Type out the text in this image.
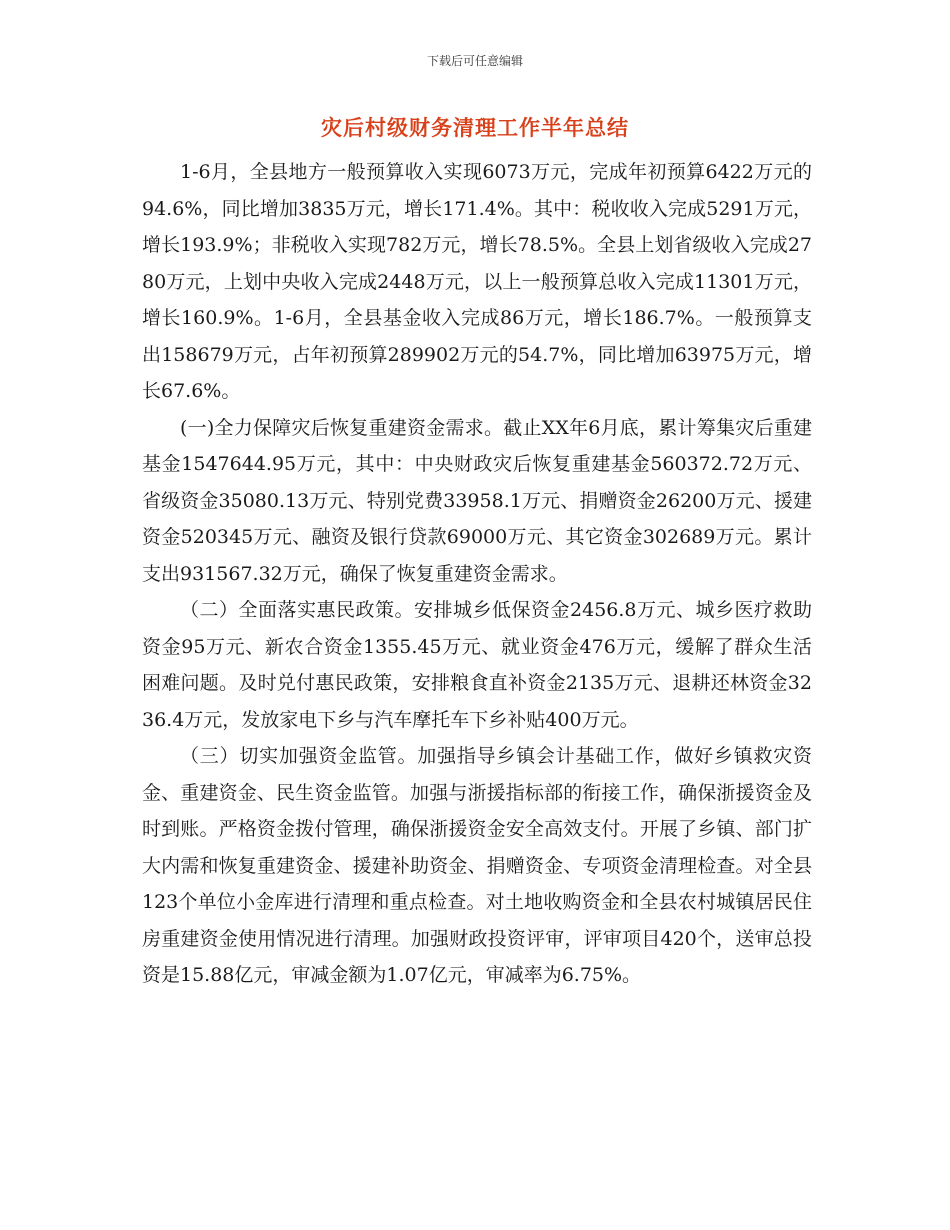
下载后可任意编辑
灾后村级财务清理工作半年总结

1-6月，全县地方一般预算收入实现6073万元，完成年初预算6422万元的94.6%，同比增加3835万元，增长171.4%。其中：税收收入完成5291万元，增长193.9%；非税收入实现782万元，增长78.5%。全县上划省级收入完成2780万元，上划中央收入完成2448万元，以上一般预算总收入完成11301万元，增长160.9%。1-6月，全县基金收入完成86万元，增长186.7%。一般预算支出158679万元，占年初预算289902万元的54.7%，同比增加63975万元，增长67.6%。

(一)全力保障灾后恢复重建资金需求。截止XX年6月底，累计筹集灾后重建基金1547644.95万元，其中：中央财政灾后恢复重建基金560372.72万元、省级资金35080.13万元、特别党费33958.1万元、捐赠资金26200万元、援建资金520345万元、融资及银行贷款69000万元、其它资金302689万元。累计支出931567.32万元，确保了恢复重建资金需求。

（二）全面落实惠民政策。安排城乡低保资金2456.8万元、城乡医疗救助资金95万元、新农合资金1355.45万元、就业资金476万元，缓解了群众生活困难问题。及时兑付惠民政策，安排粮食直补资金2135万元、退耕还林资金3236.4万元，发放家电下乡与汽车摩托车下乡补贴400万元。

（三）切实加强资金监管。加强指导乡镇会计基础工作，做好乡镇救灾资金、重建资金、民生资金监管。加强与浙援指标部的衔接工作，确保浙援资金及时到账。严格资金拨付管理，确保浙援资金安全高效支付。开展了乡镇、部门扩大内需和恢复重建资金、援建补助资金、捐赠资金、专项资金清理检查。对全县123个单位小金库进行清理和重点检查。对土地收购资金和全县农村城镇居民住房重建资金使用情况进行清理。加强财政投资评审，评审项目420个，送审总投资是15.88亿元，审减金额为1.07亿元，审减率为6.75%。
